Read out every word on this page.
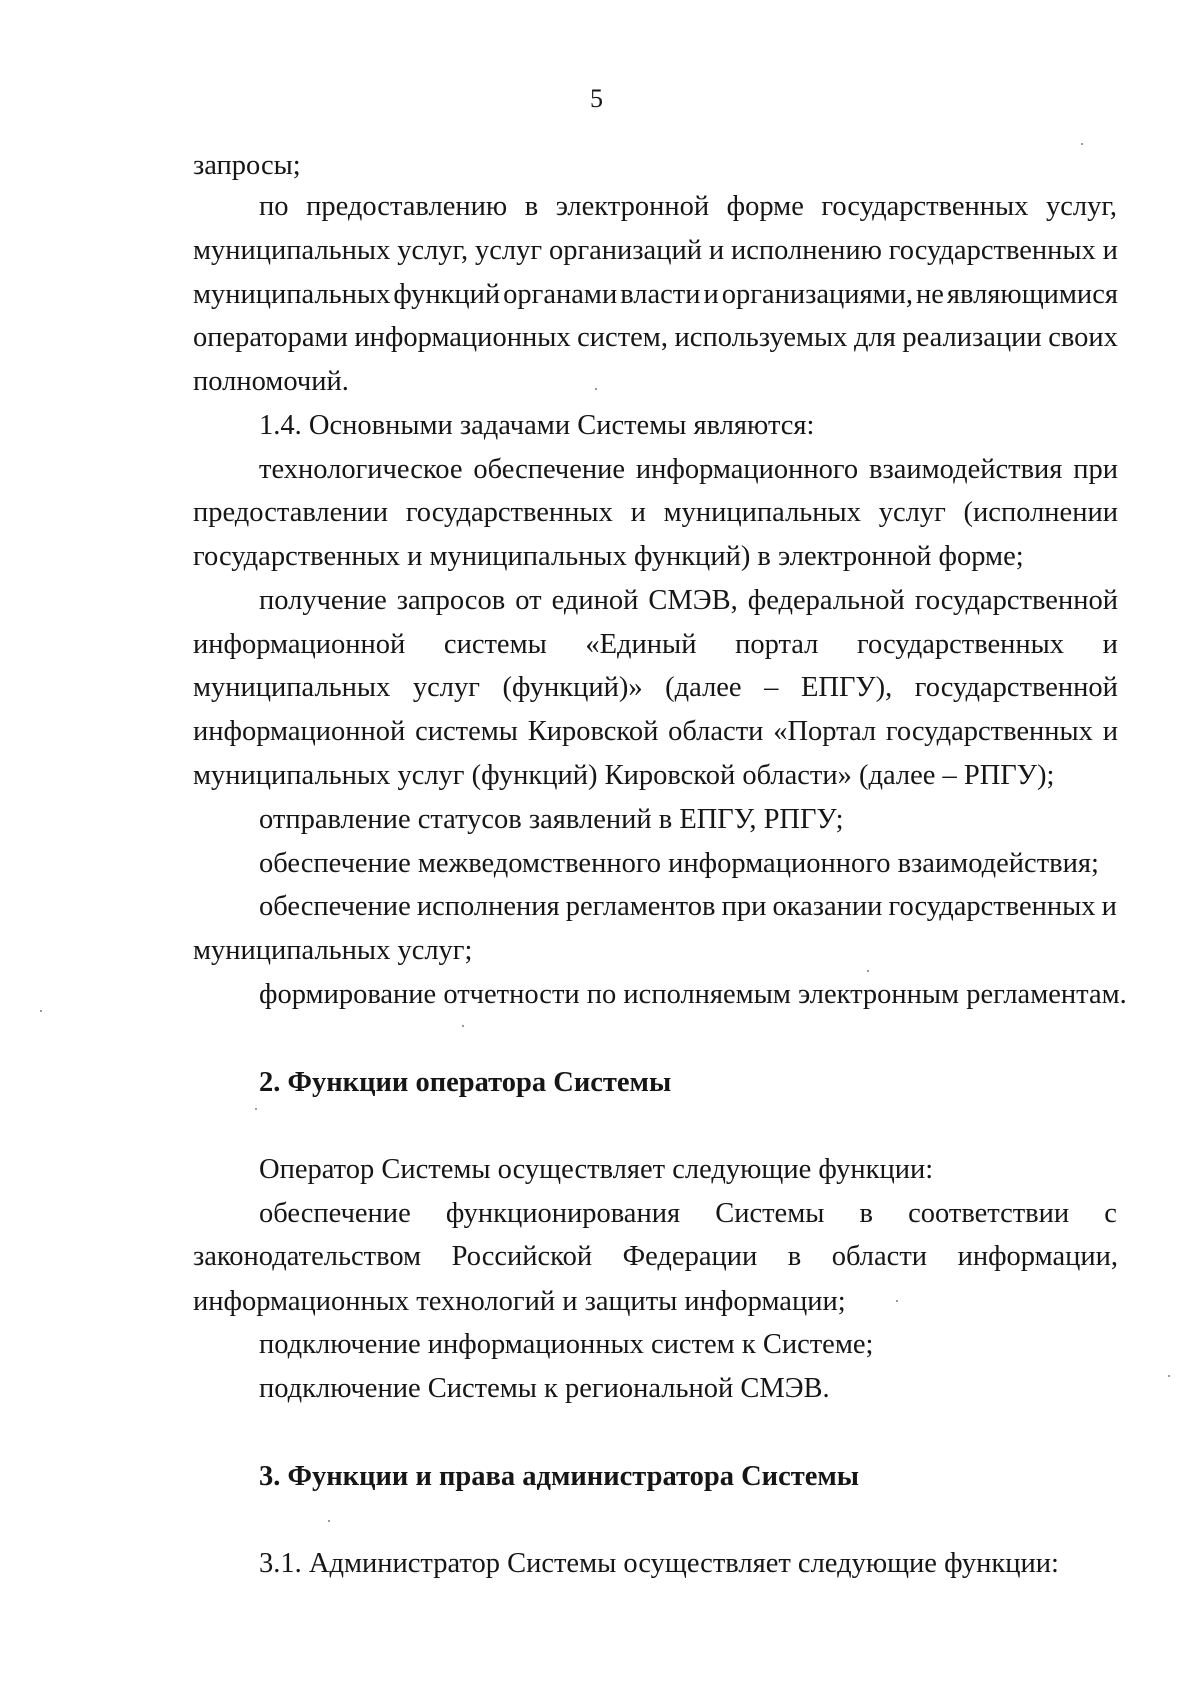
5
запросы;
по предоставлению в электронной форме государственных услуг,
муниципальных услуг, услуг организаций и исполнению государственных и
муниципальных функций органами власти и организациями, не являющимися
операторами информационных систем, используемых для реализации своих
полномочий.
1.4. Основными задачами Системы являются:
технологическое обеспечение информационного взаимодействия при
предоставлении государственных и муниципальных услуг (исполнении
государственных и муниципальных функций) в электронной форме;
получение запросов от единой СМЭВ, федеральной государственной
информационной системы «Единый портал государственных и
муниципальных услуг (функций)» (далее – ЕПГУ), государственной
информационной системы Кировской области «Портал государственных и
муниципальных услуг (функций) Кировской области» (далее – РПГУ);
отправление статусов заявлений в ЕПГУ, РПГУ;
обеспечение межведомственного информационного взаимодействия;
обеспечение исполнения регламентов при оказании государственных и
муниципальных услуг;
формирование отчетности по исполняемым электронным регламентам.
2. Функции оператора Системы
Оператор Системы осуществляет следующие функции:
обеспечение функционирования Системы в соответствии с
законодательством Российской Федерации в области информации,
информационных технологий и защиты информации;
подключение информационных систем к Системе;
подключение Системы к региональной СМЭВ.
3. Функции и права администратора Системы
3.1. Администратор Системы осуществляет следующие функции:
